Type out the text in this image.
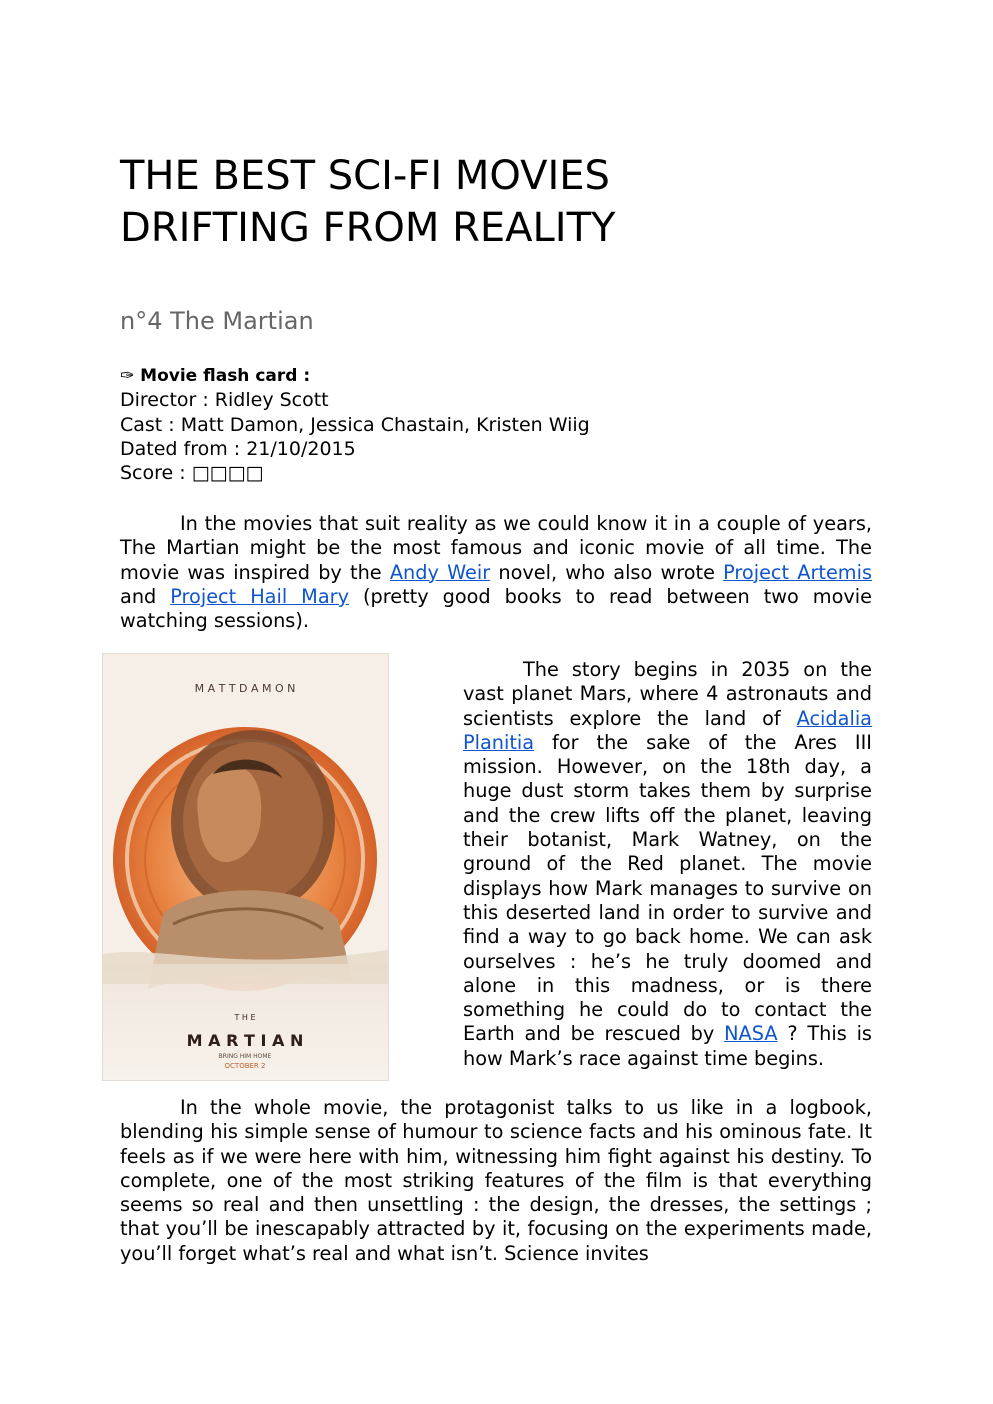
THE BEST SCI-FI MOVIES
DRIFTING FROM REALITY
n°4 The Martian
✑ Movie flash card :
Director : Ridley Scott
Cast : Matt Damon, Jessica Chastain, Kristen Wiig
Dated from : 21/10/2015
Score : □□□□

In the movies that suit reality as we could know it in a couple of years, The Martian might be the most famous and iconic movie of all time. The movie was inspired by the Andy Weir novel, who also wrote Project Artemis and Project Hail Mary (pretty good books to read between two movie watching sessions).

M A T T D A M O N
T H E
M A R T I A N
BRING HIM HOME
OCTOBER 2

The story begins in 2035 on the vast planet Mars, where 4 astronauts and scientists explore the land of Acidalia Planitia for the sake of the Ares III mission. However, on the 18th day, a huge dust storm takes them by surprise and the crew lifts off the planet, leaving their botanist, Mark Watney, on the ground of the Red planet. The movie displays how Mark manages to survive on this deserted land in order to survive and find a way to go back home. We can ask ourselves : he’s he truly doomed and alone in this madness, or is there something he could do to contact the Earth and be rescued by NASA ? This is how Mark’s race against time begins.

In the whole movie, the protagonist talks to us like in a logbook, blending his simple sense of humour to science facts and his ominous fate. It feels as if we were here with him, witnessing him fight against his destiny. To complete, one of the most striking features of the film is that everything seems so real and then unsettling : the design, the dresses, the settings ; that you’ll be inescapably attracted by it, focusing on the experiments made, you’ll forget what’s real and what isn’t. Science invites
